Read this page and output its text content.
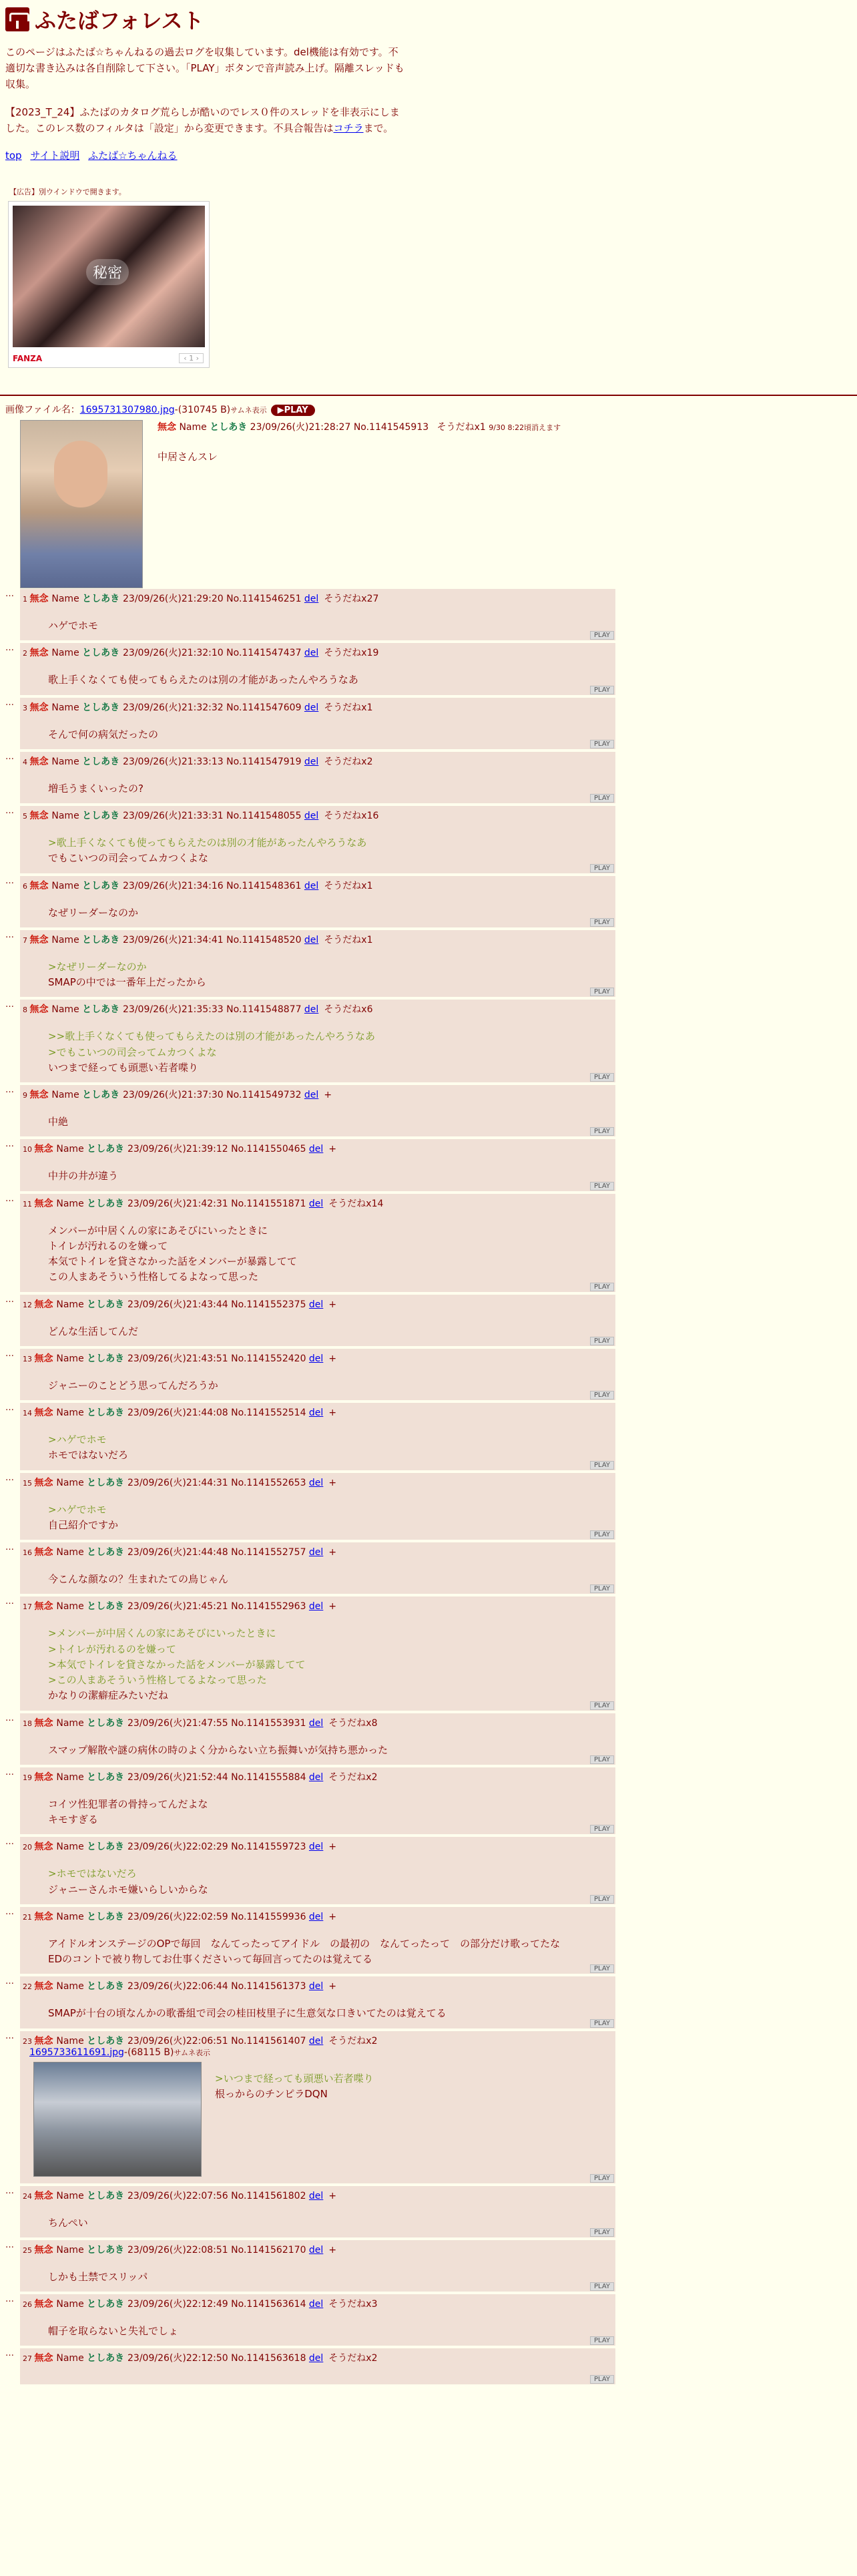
ふたばフォレスト

このページはふたば☆ちゃんねるの過去ログを収集しています。del機能は有効です。不適切な書き込みは各自削除して下さい。「PLAY」ボタンで音声読み上げ。隔離スレッドも収集。

【2023_T_24】ふたばのカタログ荒らしが酷いのでレス０件のスレッドを非表示にしました。このレス数のフィルタは「設定」から変更できます。不具合報告はコチラまで。

top サイト説明 ふたば☆ちゃんねる
【広告】別ウインドウで開きます。
秘密
FANZA	‹ 1 ›
画像ファイル名：1695731307980.jpg-(310745 B)サムネ表示 ▶PLAY
無念 Name としあき 23/09/26(火)21:28:27 No.1141545913 そうだねx1 9/30 8:22頃消えます
中居さんスレ
…
1 無念 Name としあき 23/09/26(火)21:29:20 No.1141546251 del そうだねx27
ハゲでホモ
PLAY
…
2 無念 Name としあき 23/09/26(火)21:32:10 No.1141547437 del そうだねx19
歌上手くなくても使ってもらえたのは別の才能があったんやろうなあ
PLAY
…
3 無念 Name としあき 23/09/26(火)21:32:32 No.1141547609 del そうだねx1
そんで何の病気だったの
PLAY
…
4 無念 Name としあき 23/09/26(火)21:33:13 No.1141547919 del そうだねx2
増毛うまくいったの?
PLAY
…
5 無念 Name としあき 23/09/26(火)21:33:31 No.1141548055 del そうだねx16
>歌上手くなくても使ってもらえたのは別の才能があったんやろうなあ
でもこいつの司会ってムカつくよな
PLAY
…
6 無念 Name としあき 23/09/26(火)21:34:16 No.1141548361 del そうだねx1
なぜリーダーなのか
PLAY
…
7 無念 Name としあき 23/09/26(火)21:34:41 No.1141548520 del そうだねx1
>なぜリーダーなのか
SMAPの中では一番年上だったから
PLAY
…
8 無念 Name としあき 23/09/26(火)21:35:33 No.1141548877 del そうだねx6
>>歌上手くなくても使ってもらえたのは別の才能があったんやろうなあ
>でもこいつの司会ってムカつくよな
いつまで経っても頭悪い若者喋り
PLAY
…
9 無念 Name としあき 23/09/26(火)21:37:30 No.1141549732 del +
中絶
PLAY
…
10 無念 Name としあき 23/09/26(火)21:39:12 No.1141550465 del +
中井の井が違う
PLAY
…
11 無念 Name としあき 23/09/26(火)21:42:31 No.1141551871 del そうだねx14
メンバーが中居くんの家にあそびにいったときに
トイレが汚れるのを嫌って
本気でトイレを貸さなかった話をメンバーが暴露してて
この人まあそういう性格してるよなって思った
PLAY
…
12 無念 Name としあき 23/09/26(火)21:43:44 No.1141552375 del +
どんな生活してんだ
PLAY
…
13 無念 Name としあき 23/09/26(火)21:43:51 No.1141552420 del +
ジャニーのことどう思ってんだろうか
PLAY
…
14 無念 Name としあき 23/09/26(火)21:44:08 No.1141552514 del +
>ハゲでホモ
ホモではないだろ
PLAY
…
15 無念 Name としあき 23/09/26(火)21:44:31 No.1141552653 del +
>ハゲでホモ
自己紹介ですか
PLAY
…
16 無念 Name としあき 23/09/26(火)21:44:48 No.1141552757 del +
今こんな顔なの？生まれたての鳥じゃん
PLAY
…
17 無念 Name としあき 23/09/26(火)21:45:21 No.1141552963 del +
>メンバーが中居くんの家にあそびにいったときに
>トイレが汚れるのを嫌って
>本気でトイレを貸さなかった話をメンバーが暴露してて
>この人まあそういう性格してるよなって思った
かなりの潔癖症みたいだね
PLAY
…
18 無念 Name としあき 23/09/26(火)21:47:55 No.1141553931 del そうだねx8
スマップ解散や謎の病休の時のよく分からない立ち振舞いが気持ち悪かった
PLAY
…
19 無念 Name としあき 23/09/26(火)21:52:44 No.1141555884 del そうだねx2
コイツ性犯罪者の骨持ってんだよな
キモすぎる
PLAY
…
20 無念 Name としあき 23/09/26(火)22:02:29 No.1141559723 del +
>ホモではないだろ
ジャニーさんホモ嫌いらしいからな
PLAY
…
21 無念 Name としあき 23/09/26(火)22:02:59 No.1141559936 del +
アイドルオンステージのOPで毎回　なんてったってアイドル　の最初の　なんてったって　の部分だけ歌ってたな
EDのコントで被り物してお仕事くださいって毎回言ってたのは覚えてる
PLAY
…
22 無念 Name としあき 23/09/26(火)22:06:44 No.1141561373 del +
SMAPが十台の頃なんかの歌番組で司会の桂田枝里子に生意気な口きいてたのは覚えてる
PLAY
…
23 無念 Name としあき 23/09/26(火)22:06:51 No.1141561407 del そうだねx2
1695733611691.jpg-(68115 B)サムネ表示
>いつまで経っても頭悪い若者喋り
根っからのチンピラDQN
PLAY
…
24 無念 Name としあき 23/09/26(火)22:07:56 No.1141561802 del +
ちんぺい
PLAY
…
25 無念 Name としあき 23/09/26(火)22:08:51 No.1141562170 del +
しかも土禁でスリッパ
PLAY
…
26 無念 Name としあき 23/09/26(火)22:12:49 No.1141563614 del そうだねx3
帽子を取らないと失礼でしょ
PLAY
…
27 無念 Name としあき 23/09/26(火)22:12:50 No.1141563618 del そうだねx2
PLAY
